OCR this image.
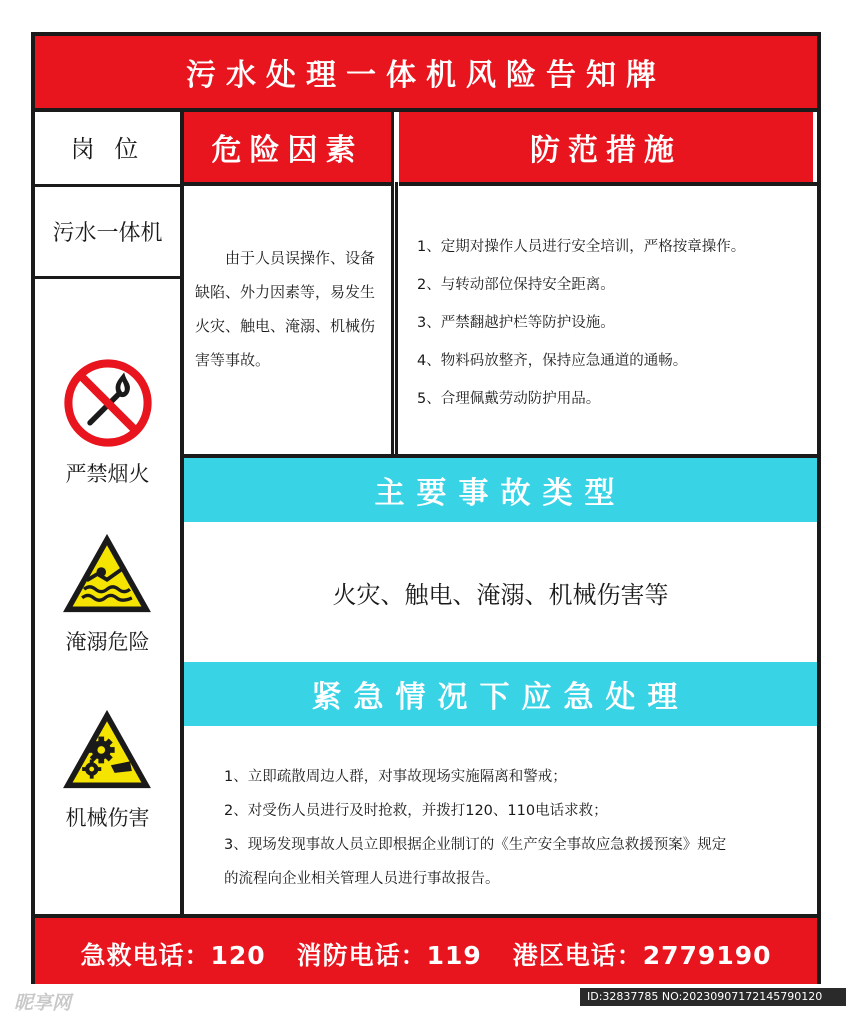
污水处理一体机风险告知牌
岗 位 危险因素	防范措施
污水一体机

由于人员误操作、设备缺陷、外力因素等，易发生火灾、触电、淹溺、机械伤害等事故。

1、定期对操作人员进行安全培训，严格按章操作。
2、与转动部位保持安全距离。
3、严禁翻越护栏等防护设施。
4、物料码放整齐，保持应急通道的通畅。
5、合理佩戴劳动防护用品。
主要事故类型
火灾、触电、淹溺、机械伤害等
紧急情况下应急处理
1、立即疏散周边人群，对事故现场实施隔离和警戒；
2、对受伤人员进行及时抢救，并拨打120、110电话求救；
3、现场发现事故人员立即根据企业制订的《生产安全事故应急救援预案》规定
的流程向企业相关管理人员进行事故报告。
严禁烟火
淹溺危险
机械伤害
急救电话：120 消防电话：119 港区电话：2779190
昵享网	ID:32837785 NO:20230907172145790120
